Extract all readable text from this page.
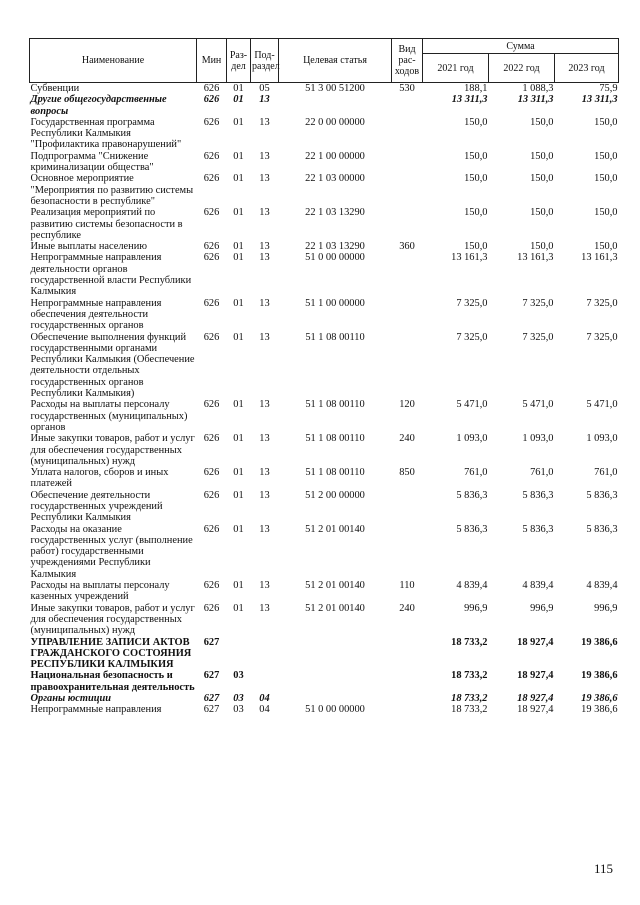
Наименование	Мин	Раз-дел	Под-раздел	Целевая статья	Вид рас-ходов	Сумма		
						2021 год	2022 год	2023 год
Субвенции	626	01	05	51 3 00 51200	530	188,1	1 088,3	75,9
Другие общегосударственные вопросы	626	01	13			13 311,3	13 311,3	13 311,3
Государственная программа Республики Калмыкия "Профилактика правонарушений"	626	01	13	22 0 00 00000		150,0	150,0	150,0
Подпрограмма "Снижение криминализации общества"	626	01	13	22 1 00 00000		150,0	150,0	150,0
Основное мероприятие "Мероприятия по развитию системы безопасности в республике"	626	01	13	22 1 03 00000		150,0	150,0	150,0
Реализация мероприятий по развитию системы безопасности в республике	626	01	13	22 1 03 13290		150,0	150,0	150,0
Иные выплаты населению	626	01	13	22 1 03 13290	360	150,0	150,0	150,0
Непрограммные направления деятельности органов государственной власти Республики Калмыкия	626	01	13	51 0 00 00000		13 161,3	13 161,3	13 161,3
Непрограммные направления обеспечения деятельности государственных органов	626	01	13	51 1 00 00000		7 325,0	7 325,0	7 325,0
Обеспечение выполнения функций государственными органами Республики Калмыкия (Обеспечение деятельности отдельных государственных органов Республики Калмыкия)	626	01	13	51 1 08 00110		7 325,0	7 325,0	7 325,0
Расходы на выплаты персоналу государственных (муниципальных) органов	626	01	13	51 1 08 00110	120	5 471,0	5 471,0	5 471,0
Иные закупки товаров, работ и услуг для обеспечения государственных (муниципальных) нужд	626	01	13	51 1 08 00110	240	1 093,0	1 093,0	1 093,0
Уплата налогов, сборов и иных платежей	626	01	13	51 1 08 00110	850	761,0	761,0	761,0
Обеспечение деятельности государственных учреждений Республики Калмыкия	626	01	13	51 2 00 00000		5 836,3	5 836,3	5 836,3
Расходы на оказание государственных услуг (выполнение работ) государственными учреждениями Республики Калмыкия	626	01	13	51 2 01 00140		5 836,3	5 836,3	5 836,3
Расходы на выплаты персоналу казенных учреждений	626	01	13	51 2 01 00140	110	4 839,4	4 839,4	4 839,4
Иные закупки товаров, работ и услуг для обеспечения государственных (муниципальных) нужд	626	01	13	51 2 01 00140	240	996,9	996,9	996,9
УПРАВЛЕНИЕ ЗАПИСИ АКТОВ ГРАЖДАНСКОГО СОСТОЯНИЯ РЕСПУБЛИКИ КАЛМЫКИЯ	627					18 733,2	18 927,4	19 386,6
Национальная безопасность и правоохранительная деятельность	627	03				18 733,2	18 927,4	19 386,6
Органы юстиции	627	03	04			18 733,2	18 927,4	19 386,6
Непрограммные направления	627	03	04	51 0 00 00000		18 733,2	18 927,4	19 386,6
115
